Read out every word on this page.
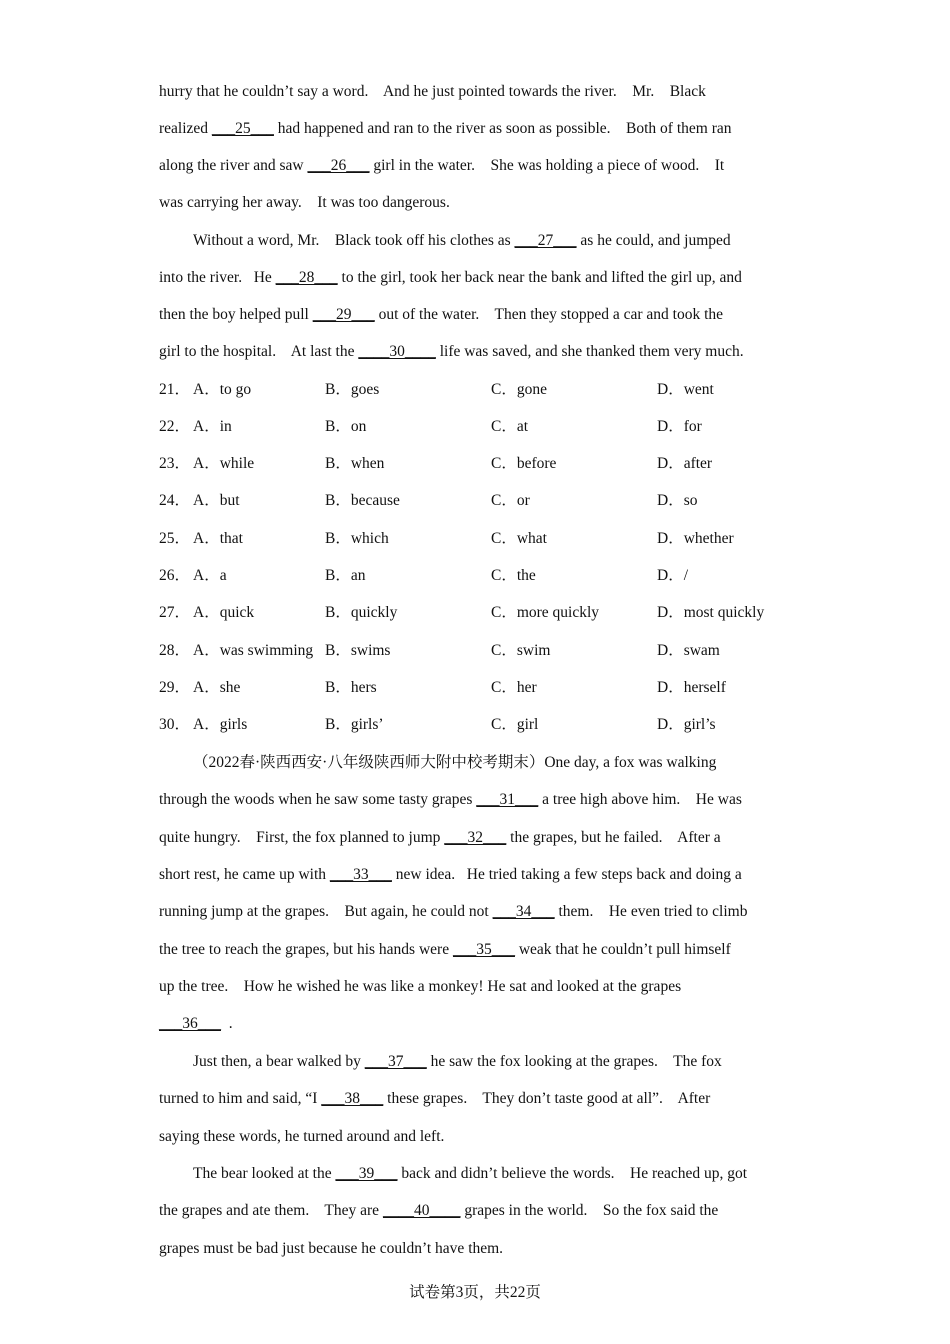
hurry that he couldn’t say a word.    And he just pointed towards the river.    Mr.    Black
realized ___25___ had happened and ran to the river as soon as possible.    Both of them ran
along the river and saw ___26___ girl in the water.    She was holding a piece of wood.    It
was carrying her away.    It was too dangerous.
Without a word, Mr.    Black took off his clothes as ___27___ as he could, and jumped
into the river.   He ___28___ to the girl, took her back near the bank and lifted the girl up, and
then the boy helped pull ___29___ out of the water.    Then they stopped a car and took the
girl to the hospital.    At last the ____30____ life was saved, and she thanked them very much.
21． A．to go	B．goes	C．gone	D．went
22． A．in	B．on	C．at	D．for
23． A．while	B．when	C．before	D．after
24． A．but	B．because	C．or	D．so
25． A．that	B．which	C．what	D．whether
26． A．a	B．an	C．the	D．/
27． A．quick	B．quickly	C．more quickly	D．most quickly
28． A．was swimming B．swims	C．swim	D．swam
29． A．she	B．hers	C．her	D．herself
30． A．girls	B．girls’	C．girl	D．girl’s
（2022春·陕西西安·八年级陕西师大附中校考期末）One day, a fox was walking
through the woods when he saw some tasty grapes ___31___ a tree high above him.    He was
quite hungry.    First, the fox planned to jump ___32___ the grapes, but he failed.    After a
short rest, he came up with ___33___ new idea.   He tried taking a few steps back and doing a
running jump at the grapes.    But again, he could not ___34___ them.    He even tried to climb
the tree to reach the grapes, but his hands were ___35___ weak that he couldn’t pull himself
up the tree.    How he wished he was like a monkey! He sat and looked at the grapes
___36___  .
Just then, a bear walked by ___37___ he saw the fox looking at the grapes.    The fox
turned to him and said, “I ___38___ these grapes.    They don’t taste good at all”.    After
saying these words, he turned around and left.
The bear looked at the ___39___ back and didn’t believe the words.    He reached up, got
the grapes and ate them.    They are ____40____ grapes in the world.    So the fox said the
grapes must be bad just because he couldn’t have them.
试卷第3页，共22页
